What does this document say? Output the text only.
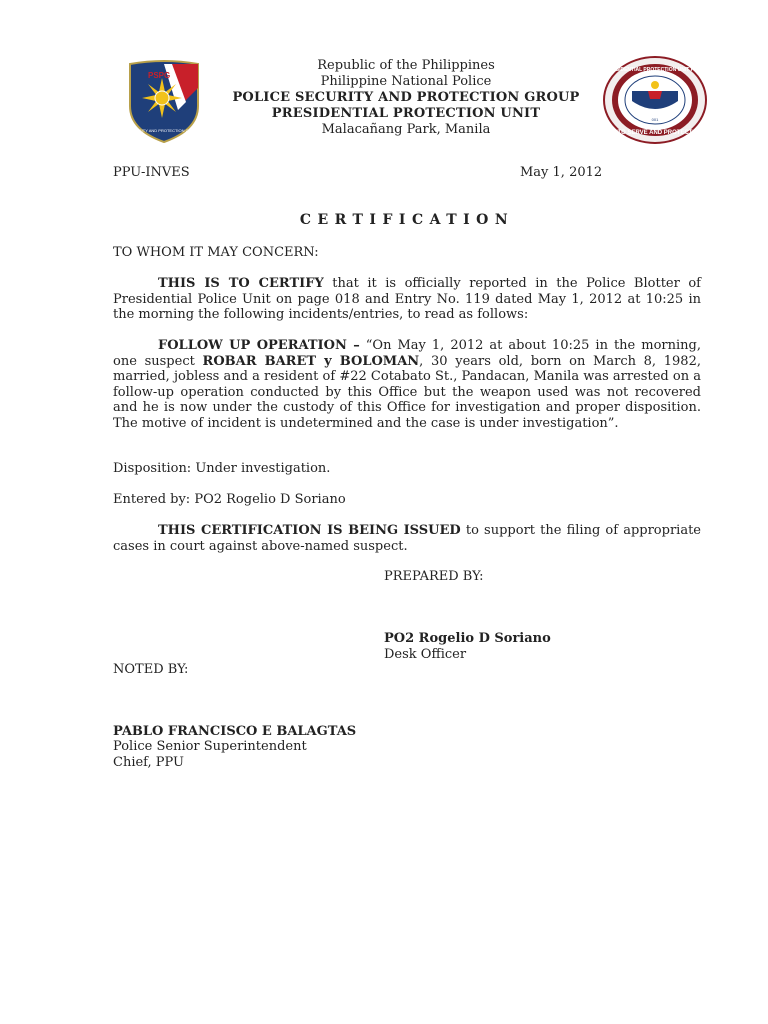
PSPG
SECURITY AND PROTECTION GROUP
Republic of the Philippines
Philippine National Police
POLICE SECURITY AND PROTECTION GROUP
PRESIDENTIAL PROTECTION UNIT
Malacañang Park, Manila
PRESIDENTIAL PROTECTION UNIT PSPG
TO SERVE AND PROTECT
001
PPU-INVES	May 1, 2012
CERTIFICATION
TO WHOM IT MAY CONCERN:
THIS IS TO CERTIFY that it is officially reported in the Police Blotter of Presidential Police Unit on page 018 and Entry No. 119 dated May 1, 2012 at 10:25 in the morning the following incidents/entries, to read as follows:
FOLLOW UP OPERATION – “On May 1, 2012 at about 10:25 in the morning, one suspect ROBAR BARET y BOLOMAN, 30 years old, born on March 8, 1982, married, jobless and a resident of #22 Cotabato St., Pandacan, Manila was arrested on a follow-up operation conducted by this Office but the weapon used was not recovered and he is now under the custody of this Office for investigation and proper disposition. The motive of incident is undetermined and the case is under investigation”.
Disposition: Under investigation.
Entered by: PO2 Rogelio D Soriano
THIS CERTIFICATION IS BEING ISSUED to support the filing of appropriate cases in court against above-named suspect.
PREPARED BY:
PO2 Rogelio D Soriano
Desk Officer
NOTED BY:
PABLO FRANCISCO E BALAGTAS
Police Senior Superintendent
Chief, PPU
